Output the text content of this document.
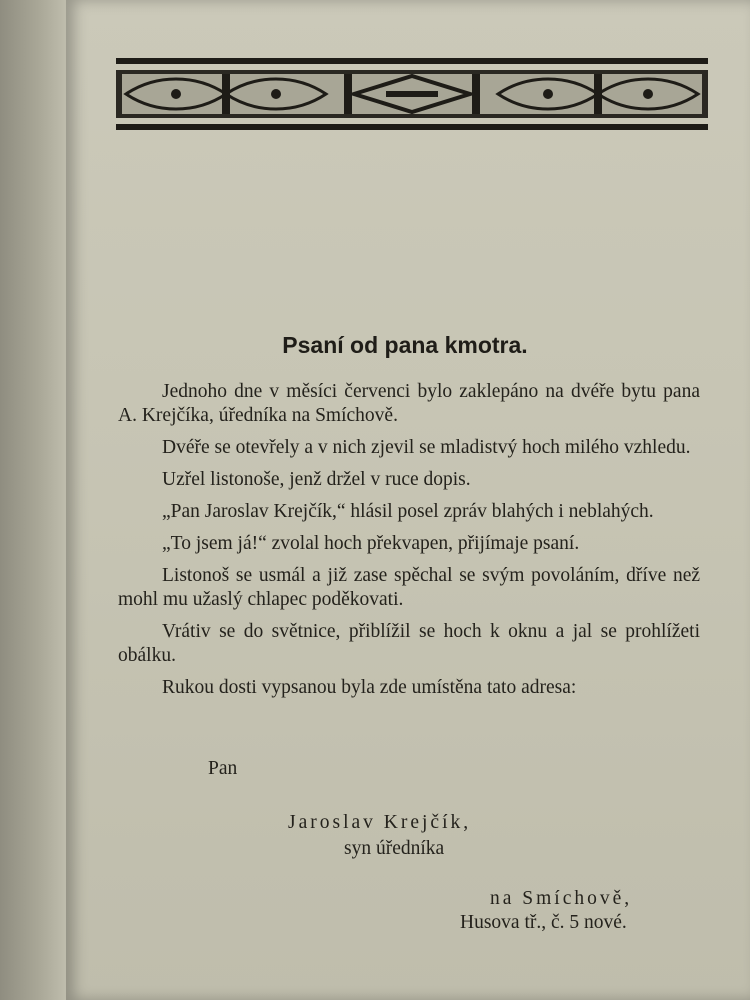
Psaní od pana kmotra.

Jednoho dne v měsíci červenci bylo zaklepáno na dvéře bytu pana A. Krejčíka, úředníka na Smíchově.

Dvéře se otevřely a v nich zjevil se mladistvý hoch milého vzhledu.

Uzřel listonoše, jenž držel v ruce dopis.

„Pan Jaroslav Krejčík,“ hlásil posel zpráv blahých i neblahých.

„To jsem já!“ zvolal hoch překvapen, přijímaje psaní.

Listonoš se usmál a již zase spěchal se svým povoláním, dříve než mohl mu užaslý chlapec poděkovati.

Vrátiv se do světnice, přiblížil se hoch k oknu a jal se prohlížeti obálku.

Rukou dosti vypsanou byla zde umístěna tato adresa:

Pan
Jaroslav Krejčík,
syn úředníka
na Smíchově,
Husova tř., č. 5 nové.
